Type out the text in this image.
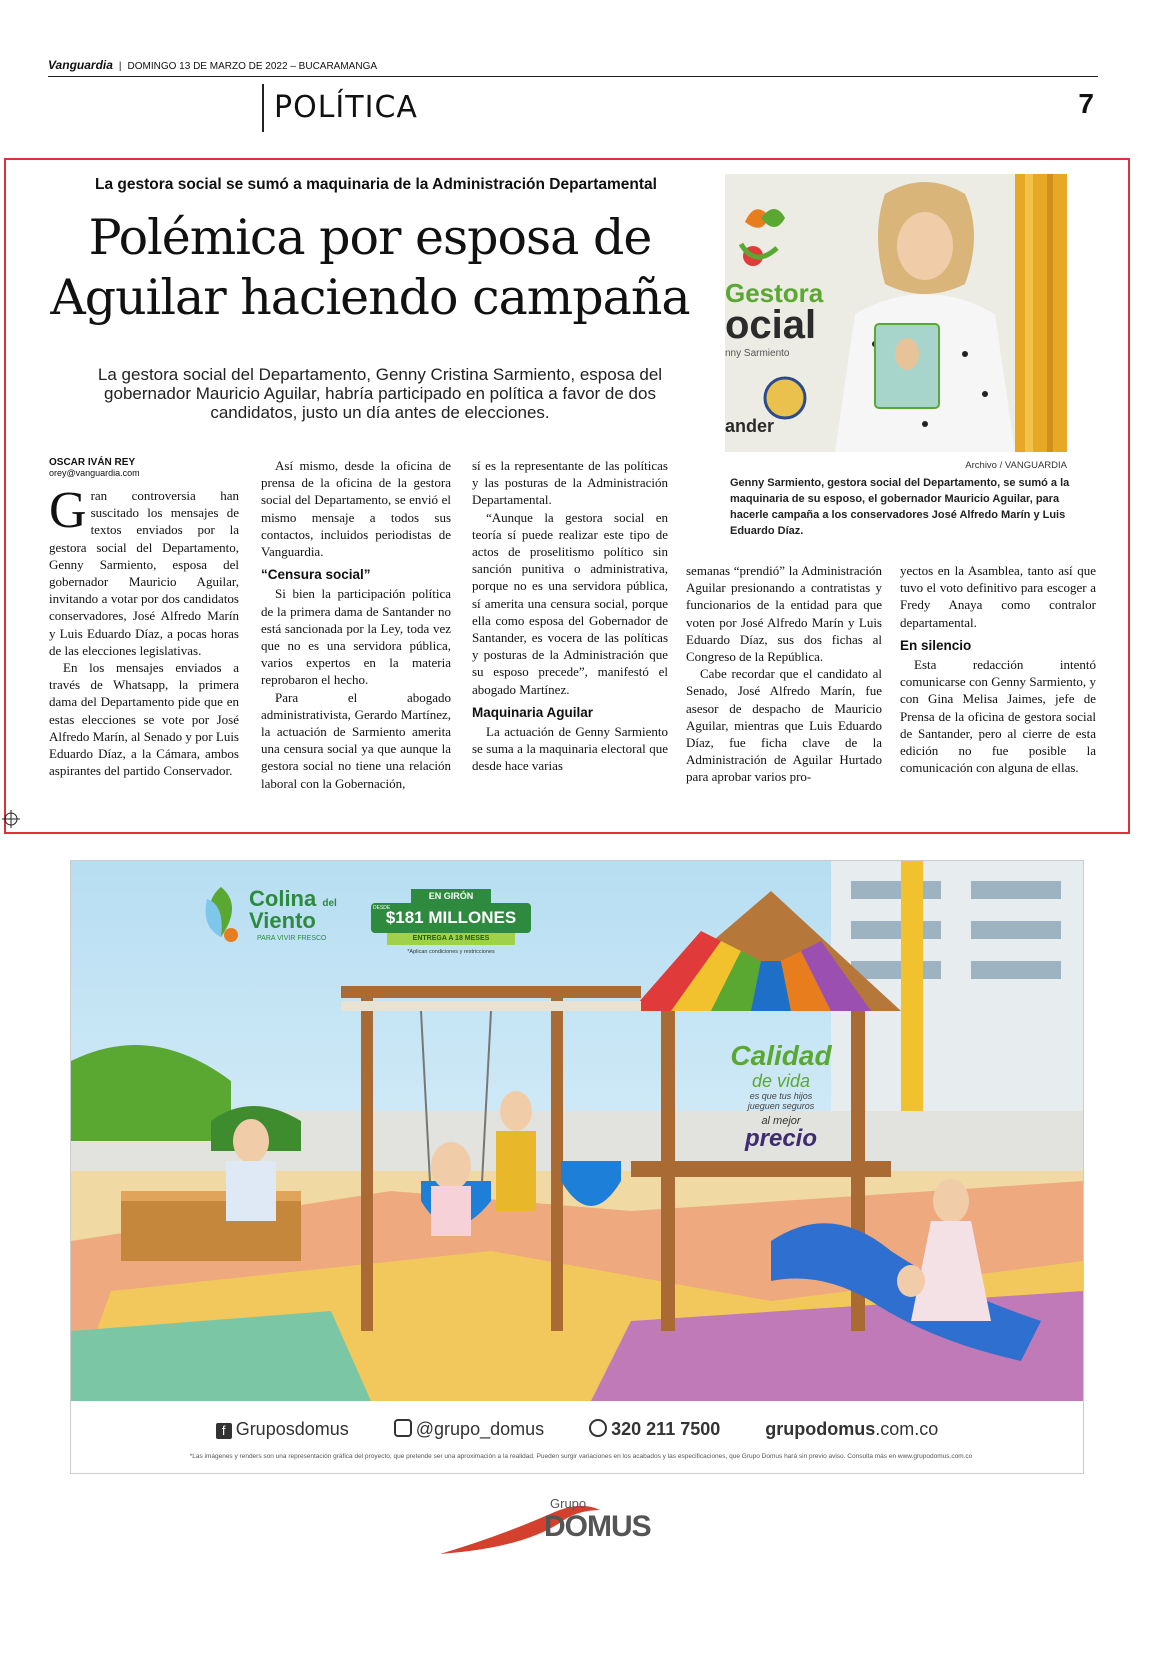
Vanguardia | DOMINGO 13 DE MARZO DE 2022 – BUCARAMANGA
POLÍTICA	7
La gestora social se sumó a maquinaria de la Administración Departamental
Polémica por esposa de
Aguilar haciendo campaña
La gestora social del Departamento, Genny Cristina Sarmiento, esposa del gobernador Mauricio Aguilar, habría participado en política a favor de dos candidatos, justo un día antes de elecciones.
Gestora
ocial
nny Sarmiento
ander
Archivo / VANGUARDIA
Genny Sarmiento, gestora social del Departamento, se sumó a la maquinaria de su esposo, el gobernador Mauricio Aguilar, para hacerle campaña a los conservadores José Alfredo Marín y Luis Eduardo Díaz.
OSCAR IVÁN REY
orey@vanguardia.com

Gran controversia han suscitado los mensajes de textos enviados por la gestora social del Departamento, Genny Sarmiento, esposa del gobernador Mauricio Aguilar, invitando a votar por dos candidatos conservadores, José Alfredo Marín y Luis Eduardo Díaz, a pocas horas de las elecciones legislativas.

En los mensajes enviados a través de Whatsapp, la primera dama del Departamento pide que en estas elecciones se vote por José Alfredo Marín, al Senado y por Luis Eduardo Díaz, a la Cámara, ambos aspirantes del partido Conservador.

Así mismo, desde la oficina de prensa de la oficina de la gestora social del Departamento, se envió el mismo mensaje a todos sus contactos, incluidos periodistas de Vanguardia.

“Censura social”

Si bien la participación política de la primera dama de Santander no está sancionada por la Ley, toda vez que no es una servidora pública, varios expertos en la materia reprobaron el hecho.

Para el abogado administrativista, Gerardo Martínez, la actuación de Sarmiento amerita una censura social ya que aunque la gestora social no tiene una relación laboral con la Gobernación,

sí es la representante de las políticas y las posturas de la Administración Departamental.

“Aunque la gestora social en teoría sí puede realizar este tipo de actos de proselitismo político sin sanción punitiva o administrativa, porque no es una servidora pública, sí amerita una censura social, porque ella como esposa del Gobernador de Santander, es vocera de las políticas y posturas de la Administración que su esposo precede”, manifestó el abogado Martínez.

Maquinaria Aguilar

La actuación de Genny Sarmiento se suma a la maquinaria electoral que desde hace varias

semanas “prendió” la Administración Aguilar presionando a contratistas y funcionarios de la entidad para que voten por José Alfredo Marín y Luis Eduardo Díaz, sus dos fichas al Congreso de la República.

Cabe recordar que el candidato al Senado, José Alfredo Marín, fue asesor de despacho de Mauricio Aguilar, mientras que Luis Eduardo Díaz, fue ficha clave de la Administración de Aguilar Hurtado para aprobar varios pro-

yectos en la Asamblea, tanto así que tuvo el voto definitivo para escoger a Fredy Anaya como contralor departamental.

En silencio

Esta redacción intentó comunicarse con Genny Sarmiento, y con Gina Melisa Jaimes, jefe de Prensa de la oficina de gestora social de Santander, pero al cierre de esta edición no fue posible la comunicación con alguna de ellas.

Colina del
Viento
PARA VIVIR FRESCO
EN GIRÓN
$181 MILLONES
DESDE
ENTREGA A 18 MESES
*Aplican condiciones y restricciones
Calidad
de vida
es que tus hijos
jueguen seguros
al mejor
precio
f Gruposdomus	@grupo_domus	320 211 7500	grupodomus.com.co
*Las imágenes y renders son una representación gráfica del proyecto, que pretende ser una aproximación a la realidad. Pueden surgir variaciones en los acabados y las especificaciones, que Grupo Domus hará sin previo aviso. Consulta más en www.grupodomus.com.co
Grupo
DOMUS
